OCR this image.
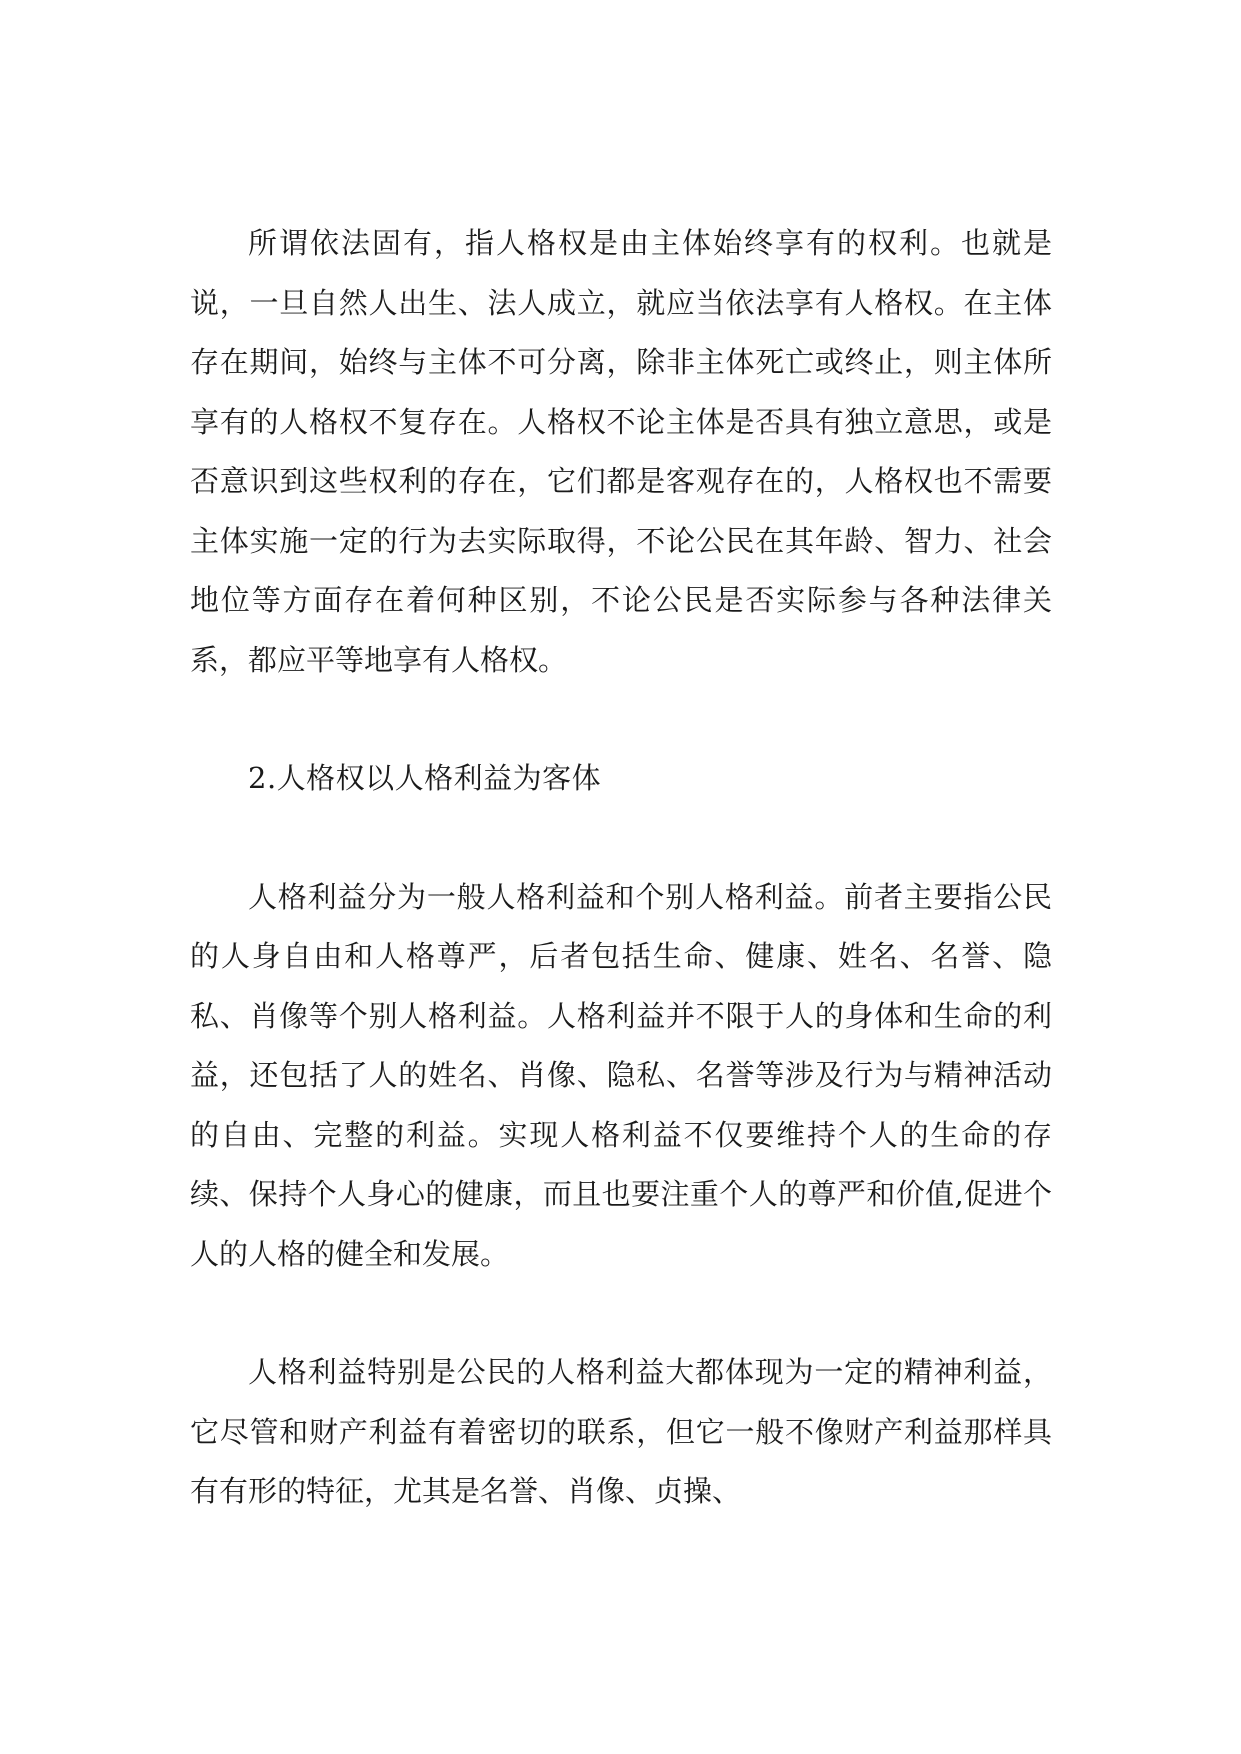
所谓依法固有，指人格权是由主体始终享有的权利。也就是说，一旦自然人出生、法人成立，就应当依法享有人格权。在主体存在期间，始终与主体不可分离，除非主体死亡或终止，则主体所享有的人格权不复存在。人格权不论主体是否具有独立意思，或是否意识到这些权利的存在，它们都是客观存在的，人格权也不需要主体实施一定的行为去实际取得，不论公民在其年龄、智力、社会地位等方面存在着何种区别，不论公民是否实际参与各种法律关系，都应平等地享有人格权。

2.人格权以人格利益为客体

人格利益分为一般人格利益和个别人格利益。前者主要指公民的人身自由和人格尊严，后者包括生命、健康、姓名、名誉、隐私、肖像等个别人格利益。人格利益并不限于人的身体和生命的利益，还包括了人的姓名、肖像、隐私、名誉等涉及行为与精神活动的自由、完整的利益。实现人格利益不仅要维持个人的生命的存续、保持个人身心的健康，而且也要注重个人的尊严和价值,促进个人的人格的健全和发展。

人格利益特别是公民的人格利益大都体现为一定的精神利益，它尽管和财产利益有着密切的联系，但它一般不像财产利益那样具有有形的特征，尤其是名誉、肖像、贞操、
